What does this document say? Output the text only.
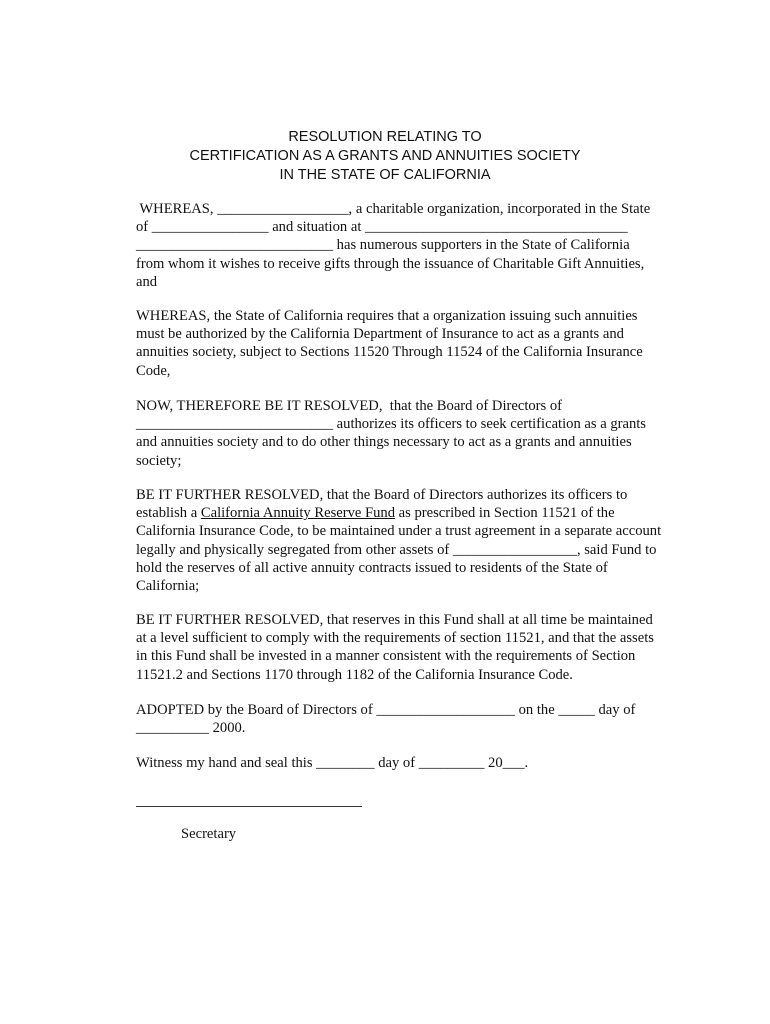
RESOLUTION RELATING TO
CERTIFICATION AS A GRANTS AND ANNUITIES SOCIETY
IN THE STATE OF CALIFORNIA
WHEREAS, __________________, a charitable organization, incorporated in the State
of ________________ and situation at ____________________________________
___________________________ has numerous supporters in the State of California
from whom it wishes to receive gifts through the issuance of Charitable Gift Annuities,
and
WHEREAS, the State of California requires that a organization issuing such annuities
must be authorized by the California Department of Insurance to act as a grants and
annuities society, subject to Sections 11520 Through 11524 of the California Insurance
Code,
NOW, THEREFORE BE IT RESOLVED,  that the Board of Directors of
___________________________ authorizes its officers to seek certification as a grants
and annuities society and to do other things necessary to act as a grants and annuities
society;
BE IT FURTHER RESOLVED, that the Board of Directors authorizes its officers to
establish a California Annuity Reserve Fund as prescribed in Section 11521 of the
California Insurance Code, to be maintained under a trust agreement in a separate account
legally and physically segregated from other assets of _________________, said Fund to
hold the reserves of all active annuity contracts issued to residents of the State of
California;
BE IT FURTHER RESOLVED, that reserves in this Fund shall at all time be maintained
at a level sufficient to comply with the requirements of section 11521, and that the assets
in this Fund shall be invested in a manner consistent with the requirements of Section
11521.2 and Sections 1170 through 1182 of the California Insurance Code.
ADOPTED by the Board of Directors of ___________________ on the _____ day of
__________ 2000.
Witness my hand and seal this ________ day of _________ 20___.
Secretary
